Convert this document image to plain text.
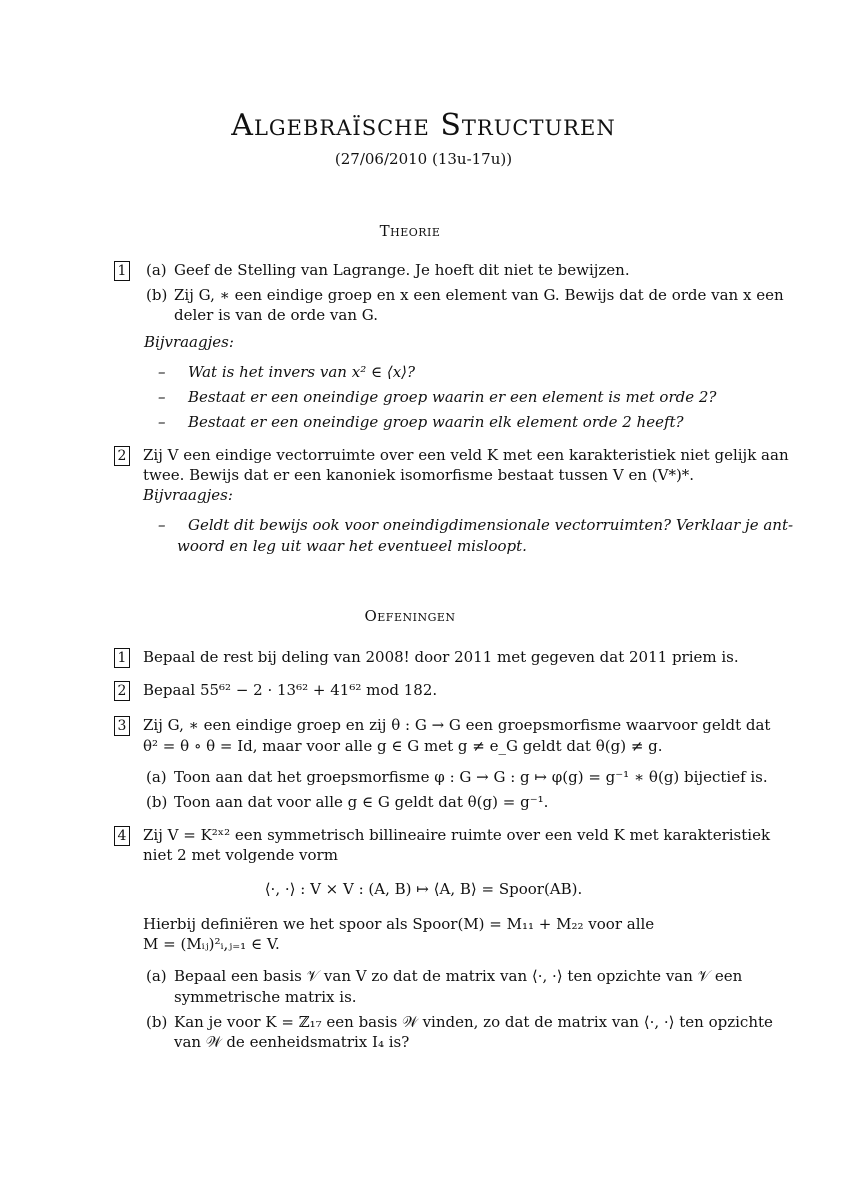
Algebraïsche Structuren
(27/06/2010 (13u-17u))
Theorie
1 (a) Geef de Stelling van Lagrange. Je hoeft dit niet te bewijzen.
(b) Zij G, ∗ een eindige groep en x een element van G. Bewijs dat de orde van x een
deler is van de orde van G.
Bijvraagjes:
– Wat is het invers van x² ∈ ⟨x⟩?
– Bestaat er een oneindige groep waarin er een element is met orde 2?
– Bestaat er een oneindige groep waarin elk element orde 2 heeft?
2 Zij V een eindige vectorruimte over een veld K met een karakteristiek niet gelijk aan
twee. Bewijs dat er een kanoniek isomorfisme bestaat tussen V en (V*)*.
Bijvraagjes:
– Geldt dit bewijs ook voor oneindigdimensionale vectorruimten? Verklaar je ant-
woord en leg uit waar het eventueel misloopt.
Oefeningen
1 Bepaal de rest bij deling van 2008! door 2011 met gegeven dat 2011 priem is.
2 Bepaal 55⁶² − 2 · 13⁶² + 41⁶² mod 182.
3 Zij G, ∗ een eindige groep en zij θ : G → G een groepsmorfisme waarvoor geldt dat
θ² = θ ∘ θ = Id, maar voor alle g ∈ G met g ≠ e_G geldt dat θ(g) ≠ g.
(a) Toon aan dat het groepsmorfisme φ : G → G : g ↦ φ(g) = g⁻¹ ∗ θ(g) bijectief is.
(b) Toon aan dat voor alle g ∈ G geldt dat θ(g) = g⁻¹.
4 Zij V = K²ˣ² een symmetrisch billineaire ruimte over een veld K met karakteristiek
niet 2 met volgende vorm
⟨·, ·⟩ : V × V : (A, B) ↦ ⟨A, B⟩ = Spoor(AB).
Hierbij definiëren we het spoor als Spoor(M) = M₁₁ + M₂₂ voor alle
M = (Mᵢⱼ)²ᵢ,ⱼ₌₁ ∈ V.
(a) Bepaal een basis 𝒱 van V zo dat de matrix van ⟨·, ·⟩ ten opzichte van 𝒱 een
symmetrische matrix is.
(b) Kan je voor K = ℤ₁₇ een basis 𝒲 vinden, zo dat de matrix van ⟨·, ·⟩ ten opzichte
van 𝒲 de eenheidsmatrix I₄ is?
